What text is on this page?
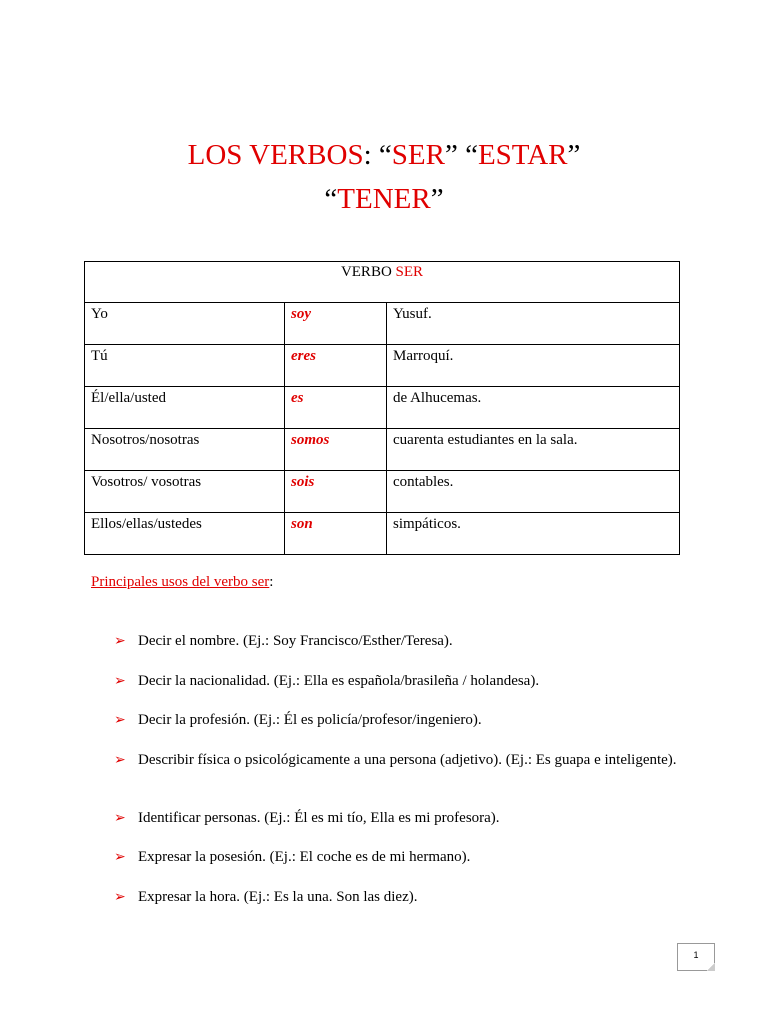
LOS VERBOS: “SER” “ESTAR”
“TENER”
VERBO SER		
Yo	soy	Yusuf.
Tú	eres	Marroquí.
Él/ella/usted	es	de Alhucemas.
Nosotros/nosotras	somos	cuarenta estudiantes en la sala.
Vosotros/ vosotras	sois	contables.
Ellos/ellas/ustedes	son	simpáticos.
Principales usos del verbo ser:
➢ Decir el nombre. (Ej.: Soy Francisco/Esther/Teresa).
➢ Decir la nacionalidad. (Ej.: Ella es española/brasileña / holandesa).
➢ Decir la profesión. (Ej.: Él es policía/profesor/ingeniero).
➢ Describir física o psicológicamente a una persona (adjetivo). (Ej.: Es guapa e inteligente).
➢ Identificar personas. (Ej.: Él es mi tío, Ella es mi profesora).
➢ Expresar la posesión. (Ej.: El coche es de mi hermano).
➢ Expresar la hora. (Ej.: Es la una. Son las diez).
1
